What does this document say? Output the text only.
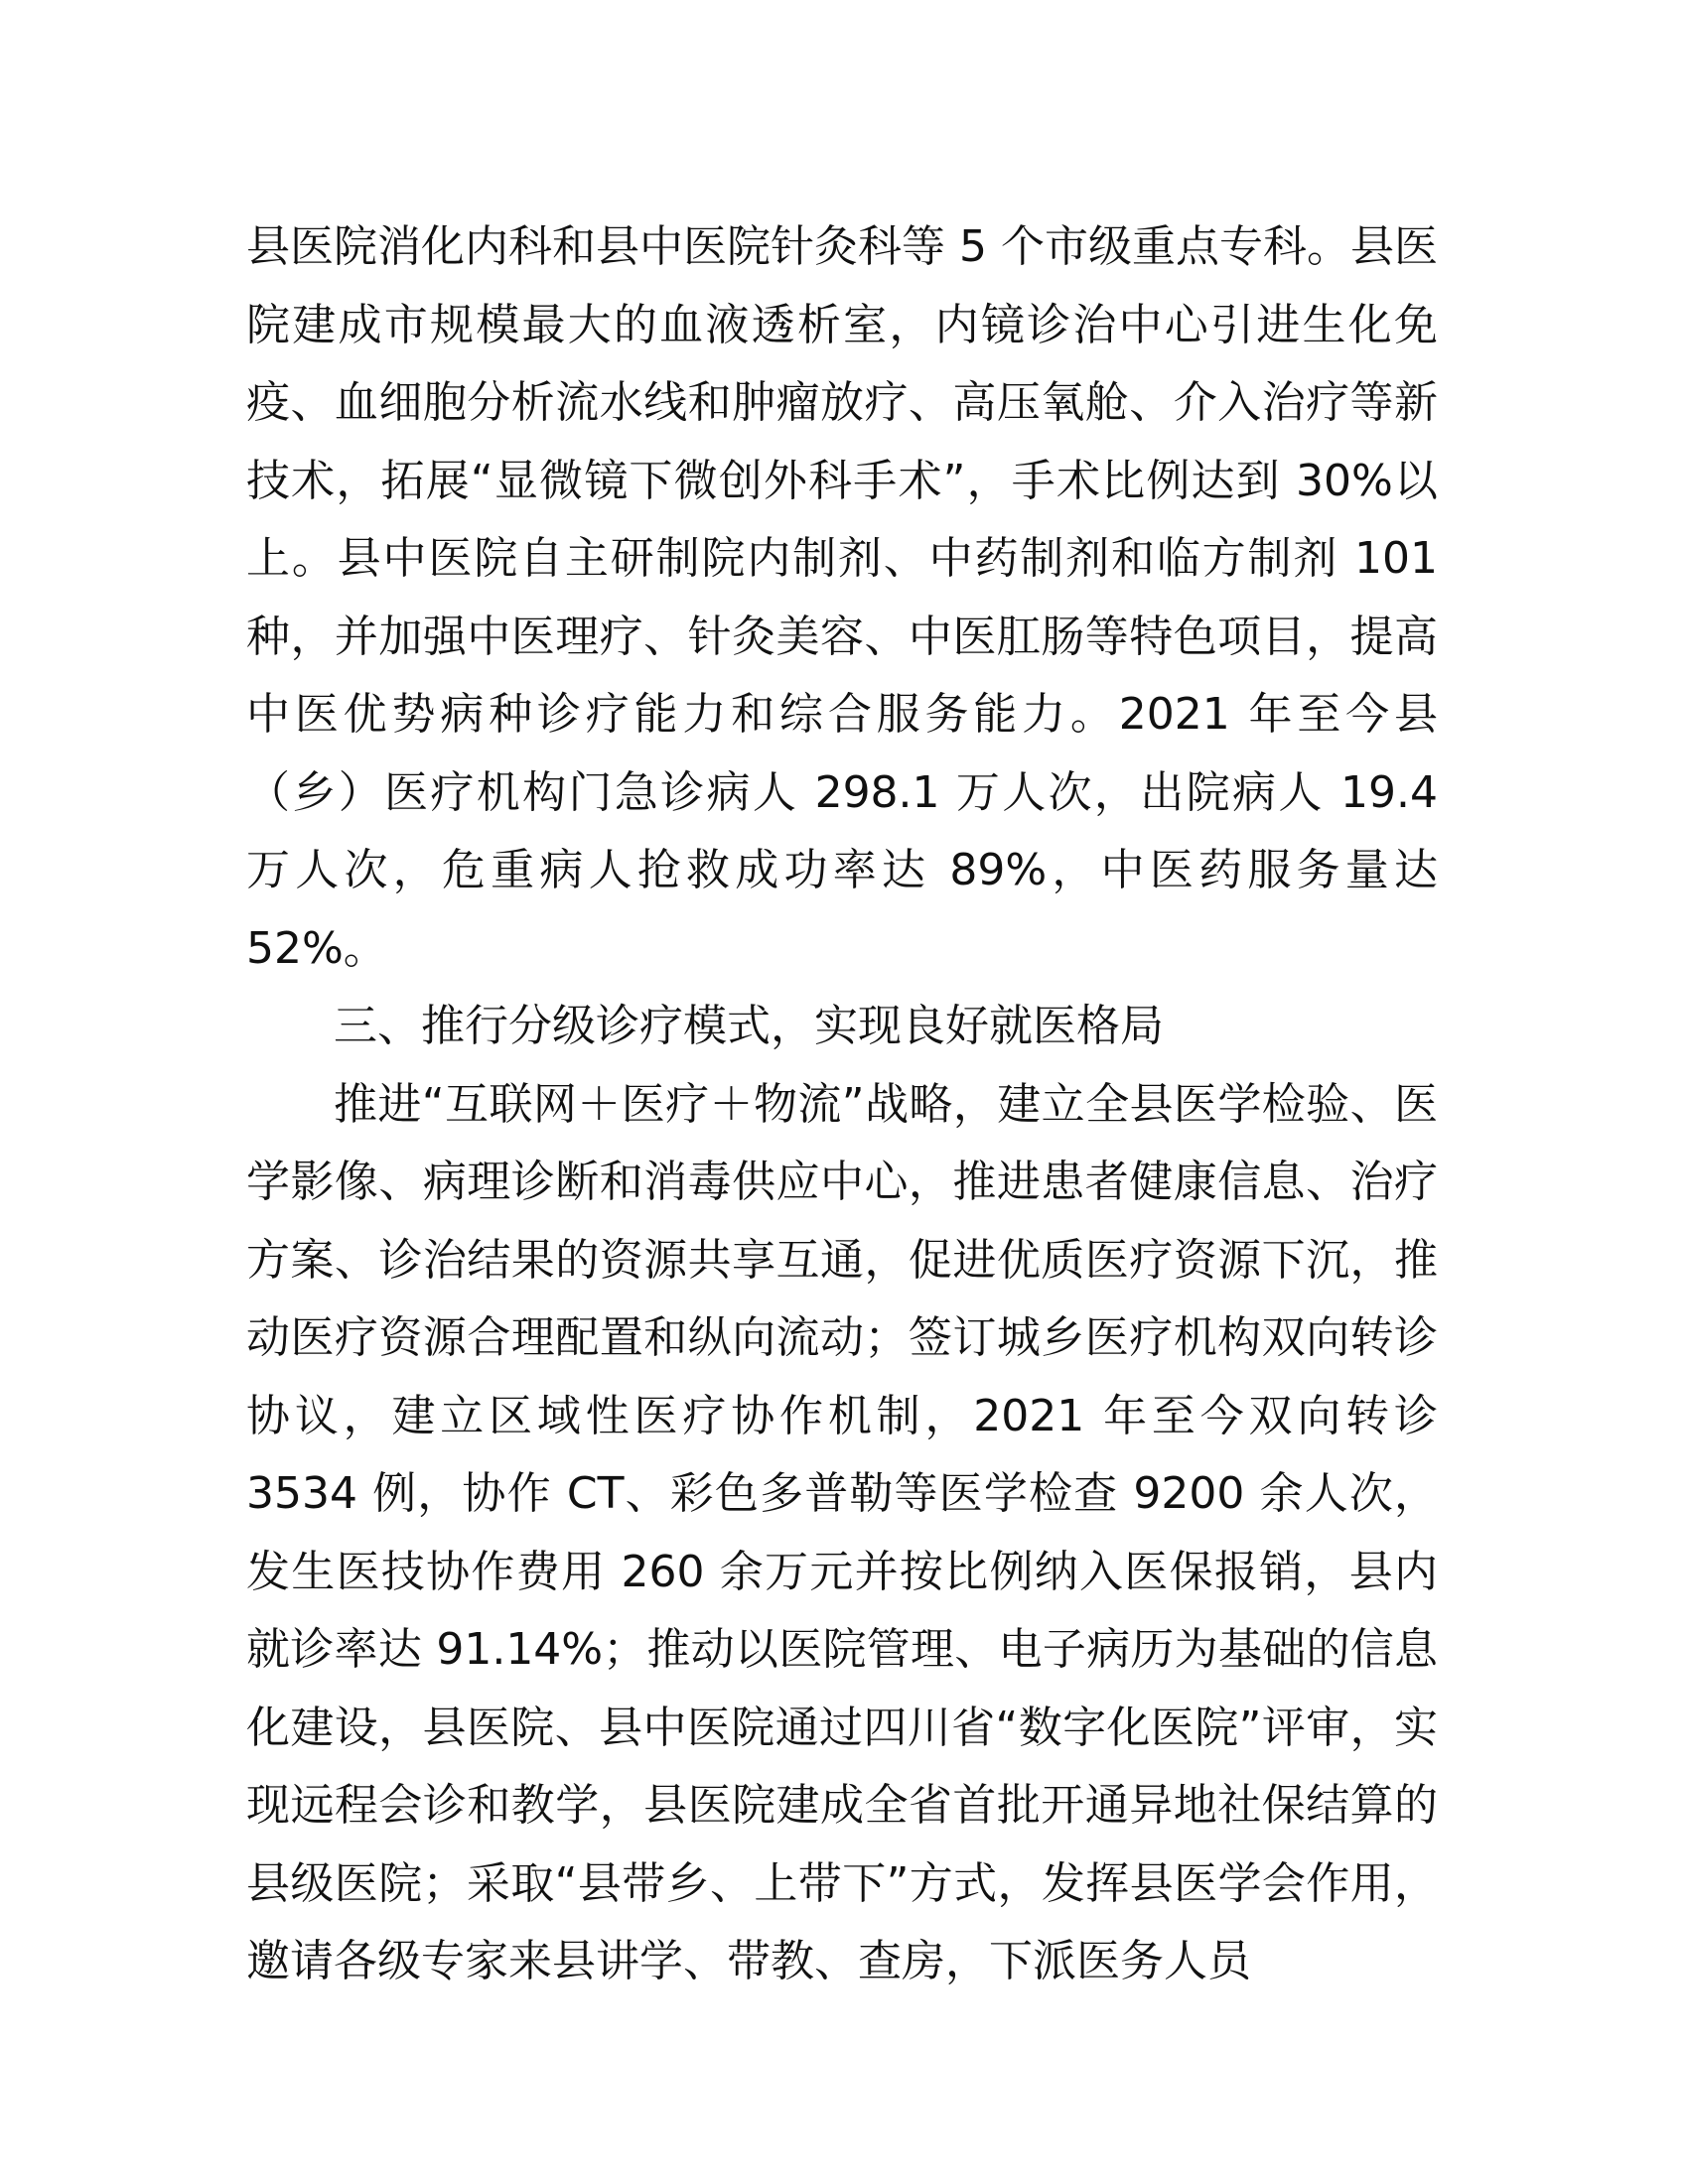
县医院消化内科和县中医院针灸科等 5 个市级重点专科。县医院建成市规模最大的血液透析室，内镜诊治中心引进生化免疫、血细胞分析流水线和肿瘤放疗、高压氧舱、介入治疗等新技术，拓展“显微镜下微创外科手术”，手术比例达到 30%以上。县中医院自主研制院内制剂、中药制剂和临方制剂 101种，并加强中医理疗、针灸美容、中医肛肠等特色项目，提高中医优势病种诊疗能力和综合服务能力。2021 年至今县（乡）医疗机构门急诊病人 298.1 万人次，出院病人 19.4 万人次，危重病人抢救成功率达 89%，中医药服务量达 52%。

三、推行分级诊疗模式，实现良好就医格局

推进“互联网＋医疗＋物流”战略，建立全县医学检验、医学影像、病理诊断和消毒供应中心，推进患者健康信息、治疗方案、诊治结果的资源共享互通，促进优质医疗资源下沉，推动医疗资源合理配置和纵向流动；签订城乡医疗机构双向转诊协议，建立区域性医疗协作机制，2021 年至今双向转诊3534 例，协作 CT、彩色多普勒等医学检查 9200 余人次，发生医技协作费用 260 余万元并按比例纳入医保报销，县内就诊率达 91.14%；推动以医院管理、电子病历为基础的信息化建设，县医院、县中医院通过四川省“数字化医院”评审，实现远程会诊和教学，县医院建成全省首批开通异地社保结算的县级医院；采取“县带乡、上带下”方式，发挥县医学会作用，邀请各级专家来县讲学、带教、查房，下派医务人员
